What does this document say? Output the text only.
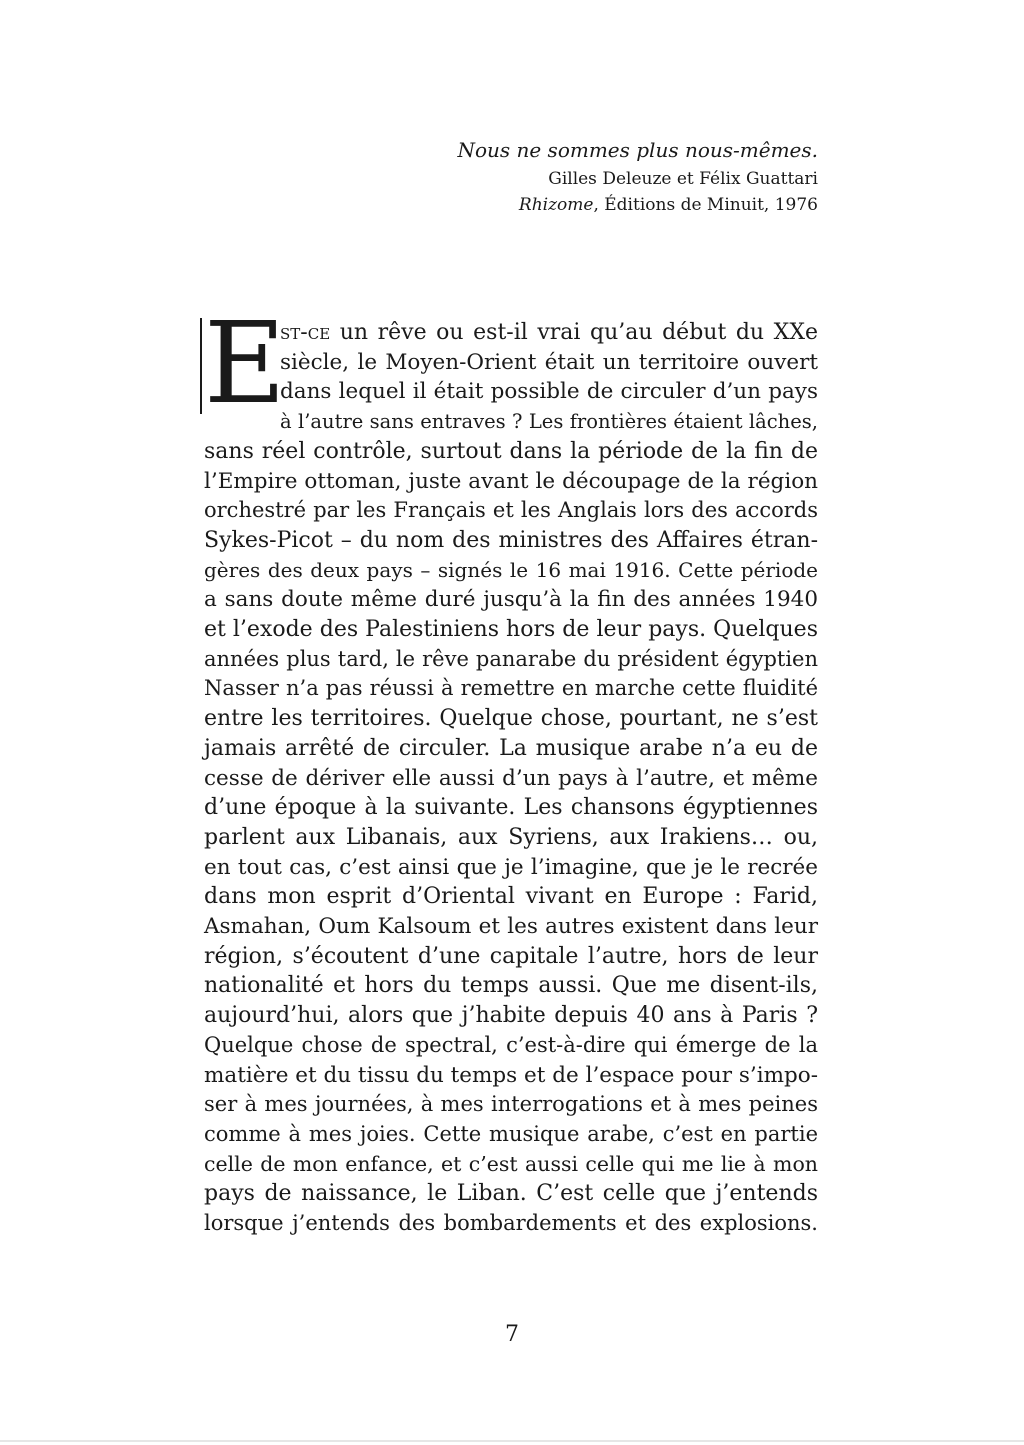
Nous ne sommes plus nous-mêmes.

Gilles Deleuze et Félix Guattari

Rhizome, Éditions de Minuit, 1976

E
st-ce un rêve ou est-il vrai qu’au début du XXe
siècle, le Moyen-Orient était un territoire ouvert
dans lequel il était possible de circuler d’un pays
à l’autre sans entraves ? Les frontières étaient lâches,
sans réel contrôle, surtout dans la période de la fin de
l’Empire ottoman, juste avant le découpage de la région
orchestré par les Français et les Anglais lors des accords
Sykes-Picot – du nom des ministres des Affaires étran-
gères des deux pays – signés le 16 mai 1916. Cette période
a sans doute même duré jusqu’à la fin des années 1940
et l’exode des Palestiniens hors de leur pays. Quelques
années plus tard, le rêve panarabe du président égyptien
Nasser n’a pas réussi à remettre en marche cette fluidité
entre les territoires. Quelque chose, pourtant, ne s’est
jamais arrêté de circuler. La musique arabe n’a eu de
cesse de dériver elle aussi d’un pays à l’autre, et même
d’une époque à la suivante. Les chansons égyptiennes
parlent aux Libanais, aux Syriens, aux Irakiens… ou,
en tout cas, c’est ainsi que je l’imagine, que je le recrée
dans mon esprit d’Oriental vivant en Europe : Farid,
Asmahan, Oum Kalsoum et les autres existent dans leur
région, s’écoutent d’une capitale l’autre, hors de leur
nationalité et hors du temps aussi. Que me disent-ils,
aujourd’hui, alors que j’habite depuis 40 ans à Paris ?
Quelque chose de spectral, c’est-à-dire qui émerge de la
matière et du tissu du temps et de l’espace pour s’impo-
ser à mes journées, à mes interrogations et à mes peines
comme à mes joies. Cette musique arabe, c’est en partie
celle de mon enfance, et c’est aussi celle qui me lie à mon
pays de naissance, le Liban. C’est celle que j’entends
lorsque j’entends des bombardements et des explosions.
7
